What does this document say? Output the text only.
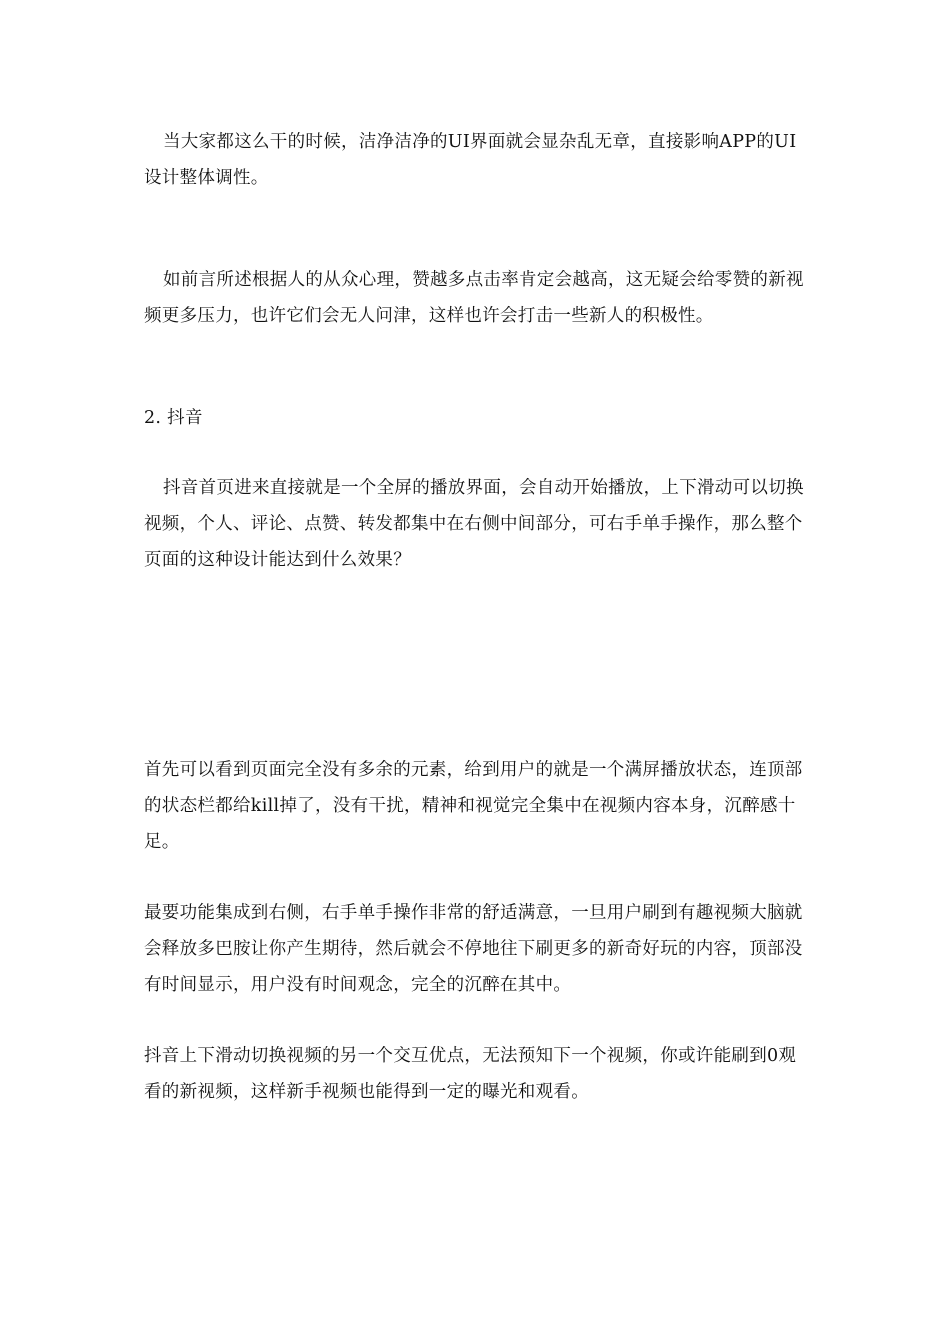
当大家都这么干的时候，洁净洁净的UI界面就会显杂乱无章，直接影响APP的UI设计整体调性。

如前言所述根据人的从众心理，赞越多点击率肯定会越高，这无疑会给零赞的新视频更多压力，也许它们会无人问津，这样也许会打击一些新人的积极性。

2. 抖音

抖音首页进来直接就是一个全屏的播放界面，会自动开始播放，上下滑动可以切换视频，个人、评论、点赞、转发都集中在右侧中间部分，可右手单手操作，那么整个页面的这种设计能达到什么效果？

首先可以看到页面完全没有多余的元素，给到用户的就是一个满屏播放状态，连顶部的状态栏都给kill掉了，没有干扰，精神和视觉完全集中在视频内容本身，沉醉感十足。

最要功能集成到右侧，右手单手操作非常的舒适满意，一旦用户刷到有趣视频大脑就会释放多巴胺让你产生期待，然后就会不停地往下刷更多的新奇好玩的内容，顶部没有时间显示，用户没有时间观念，完全的沉醉在其中。

抖音上下滑动切换视频的另一个交互优点，无法预知下一个视频，你或许能刷到0观看的新视频，这样新手视频也能得到一定的曝光和观看。
